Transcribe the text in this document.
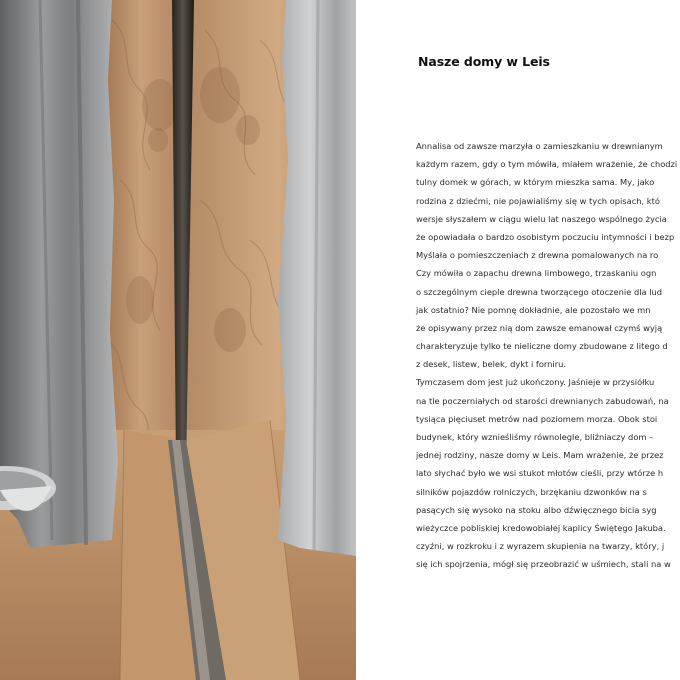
Nasze domy w Leis
Annalisa od zawsze marzyła o zamieszkaniu w drewnianym
każdym razem, gdy o tym mówiła, miałem wrażenie, że chodzi
tulny domek w górach, w którym mieszka sama. My, jako
rodzina z dziećmi, nie pojawialiśmy się w tych opisach, któ
wersje słyszałem w ciągu wielu lat naszego wspólnego życia
że opowiadała o bardzo osobistym poczuciu intymności i bezp
Myślała o pomieszczeniach z drewna pomalowanych na ro
Czy mówiła o zapachu drewna limbowego, trzaskaniu ogn
o szczególnym cieple drewna tworzącego otoczenie dla lud
jak ostatnio? Nie pomnę dokładnie, ale pozostało we mn
że opisywany przez nią dom zawsze emanował czymś wyją
charakteryzuje tylko te nieliczne domy zbudowane z litego d
z desek, listew, belek, dykt i forniru.
Tymczasem dom jest już ukończony. Jaśnieje w przysiółku
na tle poczerniałych od starości drewnianych zabudowań, na
tysiąca pięciuset metrów nad poziomem morza. Obok stoi
budynek, który wznieśliśmy równolegle, bliźniaczy dom –
jednej rodziny, nasze domy w Leis. Mam wrażenie, że przez
lato słychać było we wsi stukot młotów cieśli, przy wtórze h
silników pojazdów rolniczych, brzękaniu dzwonków na s
pasących się wysoko na stoku albo dźwięcznego bicia syg
wieżyczce pobliskiej kredowobiałej kaplicy Świętego Jakuba.
czyźni, w rozkroku i z wyrazem skupienia na twarzy, który, j
się ich spojrzenia, mógł się przeobrazić w uśmiech, stali na w
